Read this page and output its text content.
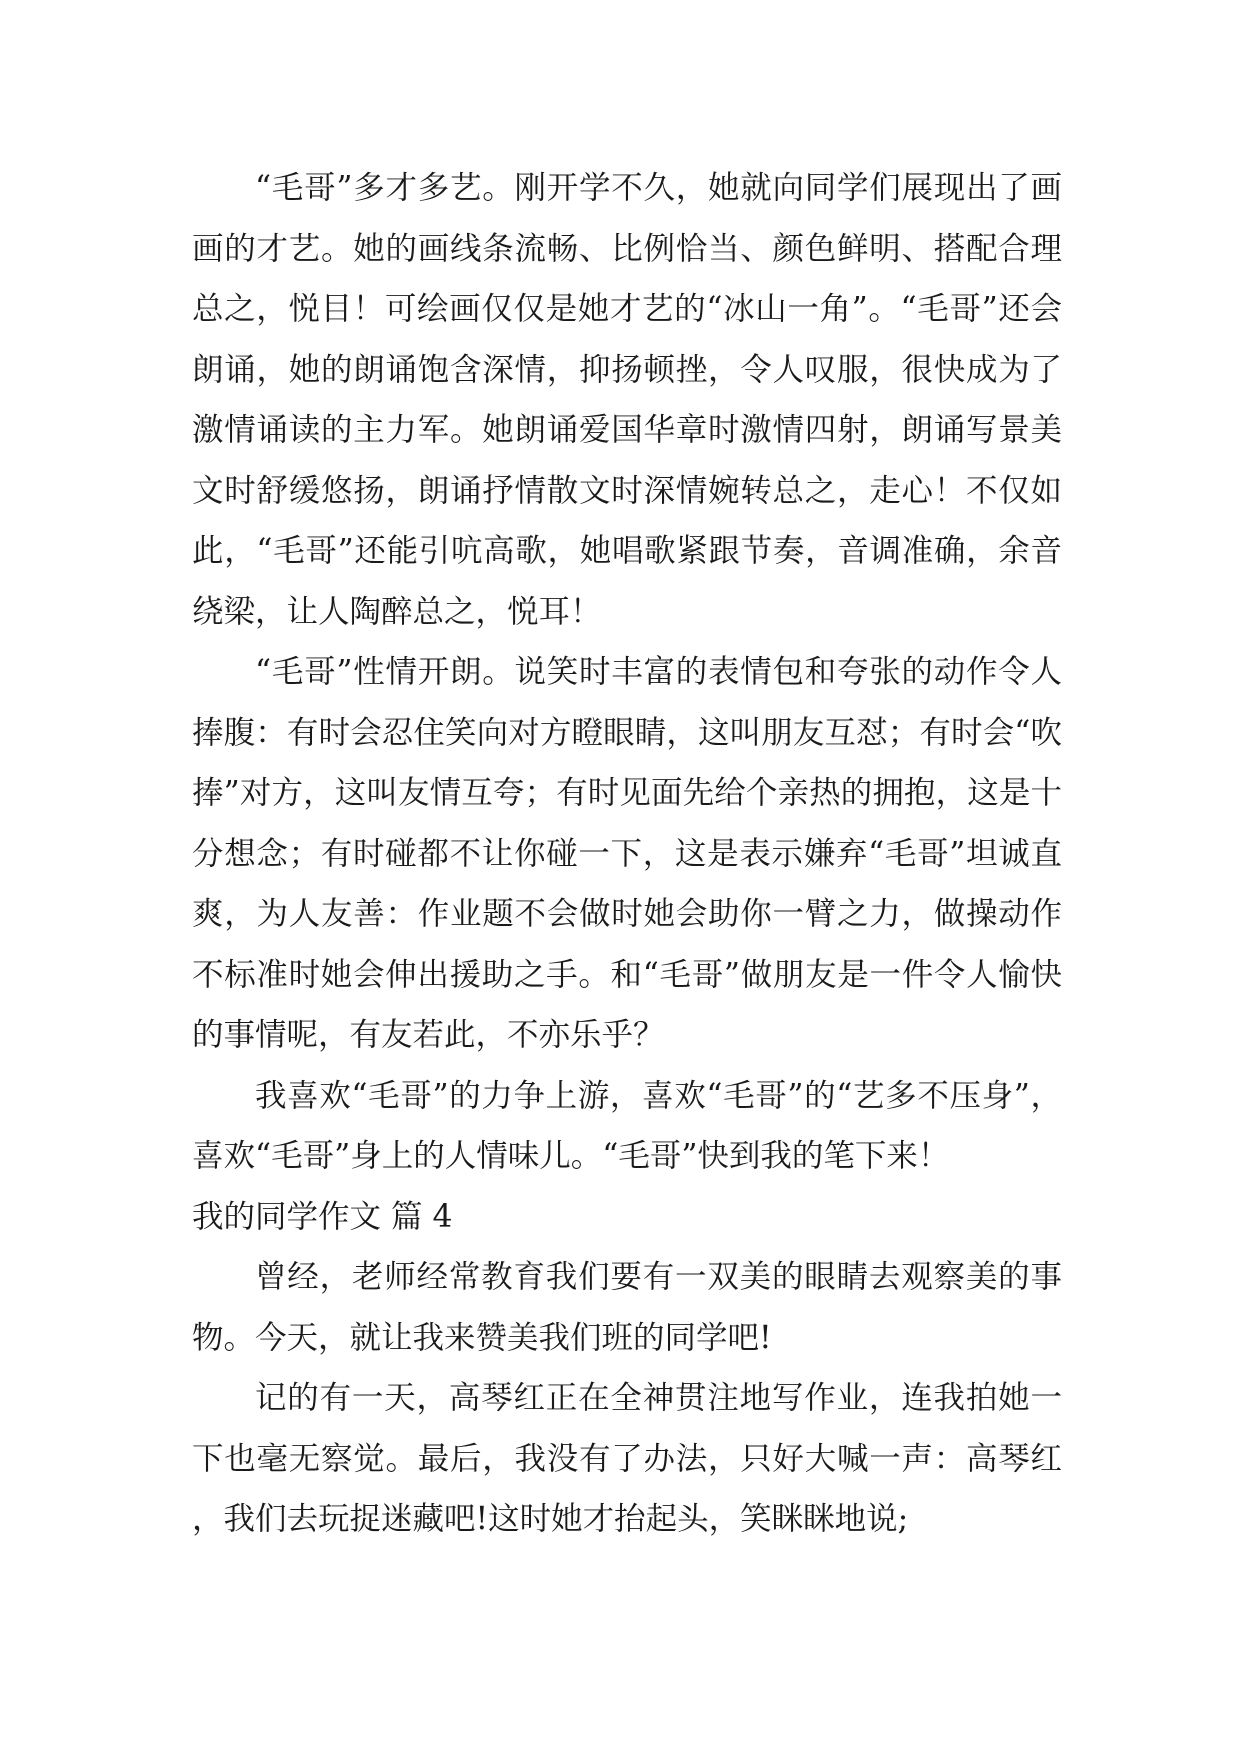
“毛哥”多才多艺。刚开学不久，她就向同学们展现出了画画的才艺。她的画线条流畅、比例恰当、颜色鲜明、搭配合理总之，悦目！可绘画仅仅是她才艺的“冰山一角”。“毛哥”还会朗诵，她的朗诵饱含深情，抑扬顿挫，令人叹服，很快成为了激情诵读的主力军。她朗诵爱国华章时激情四射，朗诵写景美文时舒缓悠扬，朗诵抒情散文时深情婉转总之，走心！不仅如此，“毛哥”还能引吭高歌，她唱歌紧跟节奏，音调准确，余音绕梁，让人陶醉总之，悦耳！

“毛哥”性情开朗。说笑时丰富的表情包和夸张的动作令人捧腹：有时会忍住笑向对方瞪眼睛，这叫朋友互怼；有时会“吹捧”对方，这叫友情互夸；有时见面先给个亲热的拥抱，这是十分想念；有时碰都不让你碰一下，这是表示嫌弃“毛哥”坦诚直爽，为人友善：作业题不会做时她会助你一臂之力，做操动作不标准时她会伸出援助之手。和“毛哥”做朋友是一件令人愉快的事情呢，有友若此，不亦乐乎？

我喜欢“毛哥”的力争上游，喜欢“毛哥”的“艺多不压身”，喜欢“毛哥”身上的人情味儿。“毛哥”快到我的笔下来！

我的同学作文 篇 4

曾经，老师经常教育我们要有一双美的眼睛去观察美的事物。今天，就让我来赞美我们班的同学吧!

记的有一天，高琴红正在全神贯注地写作业，连我拍她一下也毫无察觉。最后，我没有了办法，只好大喊一声：高琴红 ，我们去玩捉迷藏吧!这时她才抬起头，笑眯眯地说;
